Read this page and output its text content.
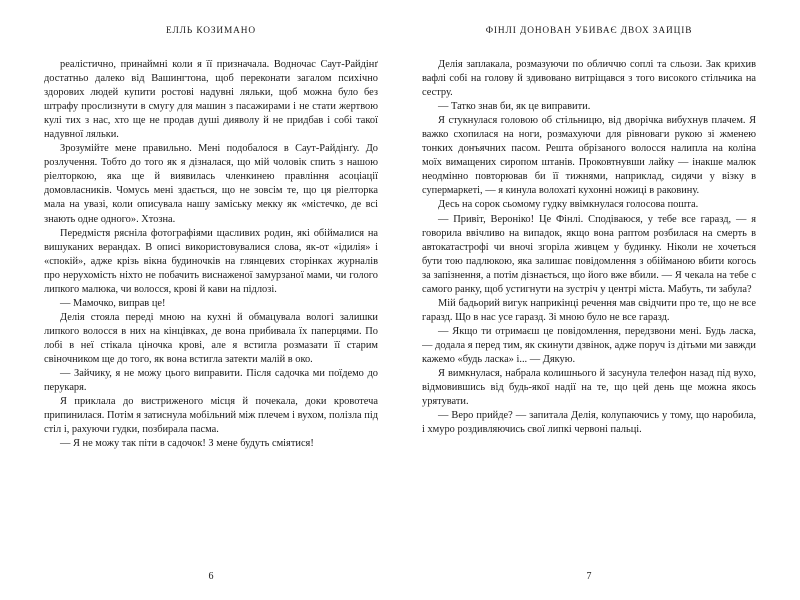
ЕЛЛЬ КОЗИМАНО

реалістично, принаймні коли я її призначала. Водночас Саут-Райдінґ достатньо далеко від Вашингтона, щоб переконати загалом психічно здорових людей купити ростові надувні ляльки, щоб можна було без штрафу прослизнути в смугу для машин з пасажирами і не стати жертвою кулі тих з нас, хто ще не продав душі дияволу й не придбав і собі такої надувної ляльки.

Зрозумійте мене правильно. Мені подобалося в Саут-Райдінґу. До розлучення. Тобто до того як я дізналася, що мій чоловік спить з нашою ріелторкою, яка ще й виявилась членкинею правління асоціації домовласників. Чомусь мені здається, що не зовсім те, що ця ріелторка мала на увазі, коли описувала нашу заміську мекку як «містечко, де всі знають одне одного». Хтозна.

Передмістя рясніла фотографіями щасливих родин, які обіймалися на вишуканих верандах. В описі використовувалися слова, як-от «ідилія» і «спокій», адже крізь вікна будиночків на глянцевих сторінках журналів про нерухомість ніхто не побачить виснаженої замурзаної мами, чи голого липкого малюка, чи волосся, крові й кави на підлозі.

— Мамочко, виправ це!

Делія стояла переді мною на кухні й обмацувала вологі залишки липкого волосся в них на кінцівках, де вона прибивала їх паперцями. По лобі в неї стікала ціночка крові, але я встигла розмазати її старим свіночником ще до того, як вона встигла затекти малій в око.

— Зайчику, я не можу цього виправити. Після садочка ми поїдемо до перукаря.

Я приклала до вистриженого місця й почекала, доки кровотеча припинилася. Потім я затиснула мобільний між плечем і вухом, полізла під стіл і, рахуючи гудки, позбирала пасма.

— Я не можу так піти в садочок! З мене будуть сміятися!

6
ФІНЛІ ДОНОВАН УБИВАЄ ДВОХ ЗАЙЦІВ

Делія заплакала, розмазуючи по обличчю соплі та сльози. Зак крихив вафлі собі на голову й здивовано витріщався з того високого стільчика на сестру.

— Татко знав би, як це виправити.

Я стукнулася головою об стільницю, від дворічка вибухнув плачем. Я важко схопилася на ноги, розмахуючи для рівноваги рукою зі жменею тонких донъячних пасом. Решта обрізаного волосся налипла на коліна моїх вимащених сиропом штанів. Проковтнувши лайку — інакше малюк неодмінно повторював би її тижнями, наприклад, сидячи у візку в супермаркеті, — я кинула волохаті кухонні ножиці в раковину.

Десь на сорок сьомому гудку ввімкнулася голосова пошта.

— Привіт, Вероніко! Це Фінлі. Сподіваюся, у тебе все гаразд, — я говорила ввічливо на випадок, якщо вона раптом розбилася на смерть в автокатастрофі чи вночі згоріла живцем у будинку. Ніколи не хочеться бути тою падлюкою, яка залишає повідомлення з обійманою вбити когось за запізнення, а потім дізнається, що його вже вбили. — Я чекала на тебе с самого ранку, щоб устигнути на зустріч у центрі міста. Мабуть, ти забула?

Мій бадьорий вигук наприкінці речення мав свідчити про те, що не все гаразд. Що в нас усе гаразд. Зі мною було не все гаразд.

— Якщо ти отримаєш це повідомлення, передзвони мені. Будь ласка, — додала я перед тим, як скинути дзвінок, адже поруч із дітьми ми завжди кажемо «будь ласка» і... — Дякую.

Я вимкнулася, набрала колишнього й засунула телефон назад під вухо, відмовившись від будь-якої надії на те, що цей день ще можна якось урятувати.

— Веро прийде? — запитала Делія, колупаючись у тому, що наробила, і хмуро роздивляючись свої липкі червоні пальці.

7
